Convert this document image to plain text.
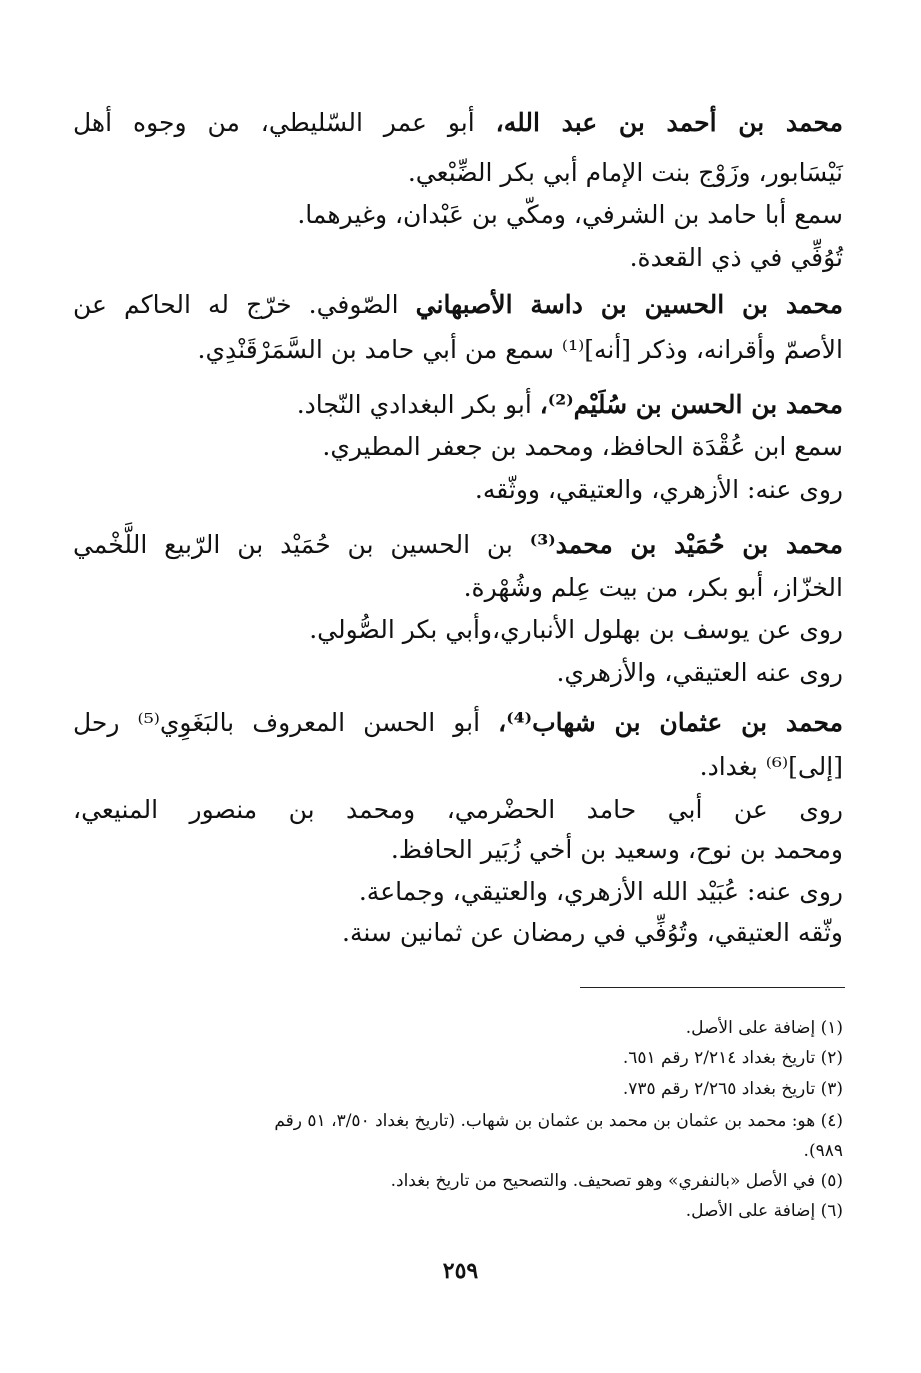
محمد بن أحمد بن عبد الله، أبو عمر السّليطي، من وجوه أهل
نَيْسَابور، وزَوْج بنت الإمام أبي بكر الضِّبْعي.
سمع أبا حامد بن الشرفي، ومكّي بن عَبْدان، وغيرهما.
تُوُفِّي في ذي القعدة.
محمد بن الحسين بن داسة الأصبهاني الصّوفي. خرّج له الحاكم عن
الأصمّ وأقرانه، وذكر [أنه]⁽¹⁾ سمع من أبي حامد بن السَّمَرْقَنْدِي.
محمد بن الحسن بن سُلَيْم⁽²⁾، أبو بكر البغدادي النّجاد.
سمع ابن عُقْدَة الحافظ، ومحمد بن جعفر المطيري.
روى عنه: الأزهري، والعتيقي، ووثّقه.
محمد بن حُمَيْد بن محمد⁽³⁾ بن الحسين بن حُمَيْد بن الرّبيع اللَّخْمي
الخزّاز، أبو بكر، من بيت عِلم وشُهْرة.
روى عن يوسف بن بهلول الأنباري،وأبي بكر الصُّولي.
روى عنه العتيقي، والأزهري.
محمد بن عثمان بن شهاب⁽⁴⁾، أبو الحسن المعروف بالبَغَوِي⁽⁵⁾ رحل
[إلى]⁽⁶⁾ بغداد.
روى عن أبي حامد الحضْرمي، ومحمد بن منصور المنيعي،
ومحمد بن نوح، وسعيد بن أخي زُبَير الحافظ.
روى عنه: عُبَيْد الله الأزهري، والعتيقي، وجماعة.
وثّقه العتيقي، وتُوُفِّي في رمضان عن ثمانين سنة.
(١) إضافة على الأصل.
(٢) تاريخ بغداد ٢/٢١٤ رقم ٦٥١.
(٣) تاريخ بغداد ٢/٢٦٥ رقم ٧٣٥.
(٤) هو: محمد بن عثمان بن محمد بن عثمان بن شهاب. (تاريخ بغداد ٣/٥٠، ٥١ رقم
٩٨٩).
(٥) في الأصل «بالنفري» وهو تصحيف. والتصحيح من تاريخ بغداد.
(٦) إضافة على الأصل.
٢٥٩
